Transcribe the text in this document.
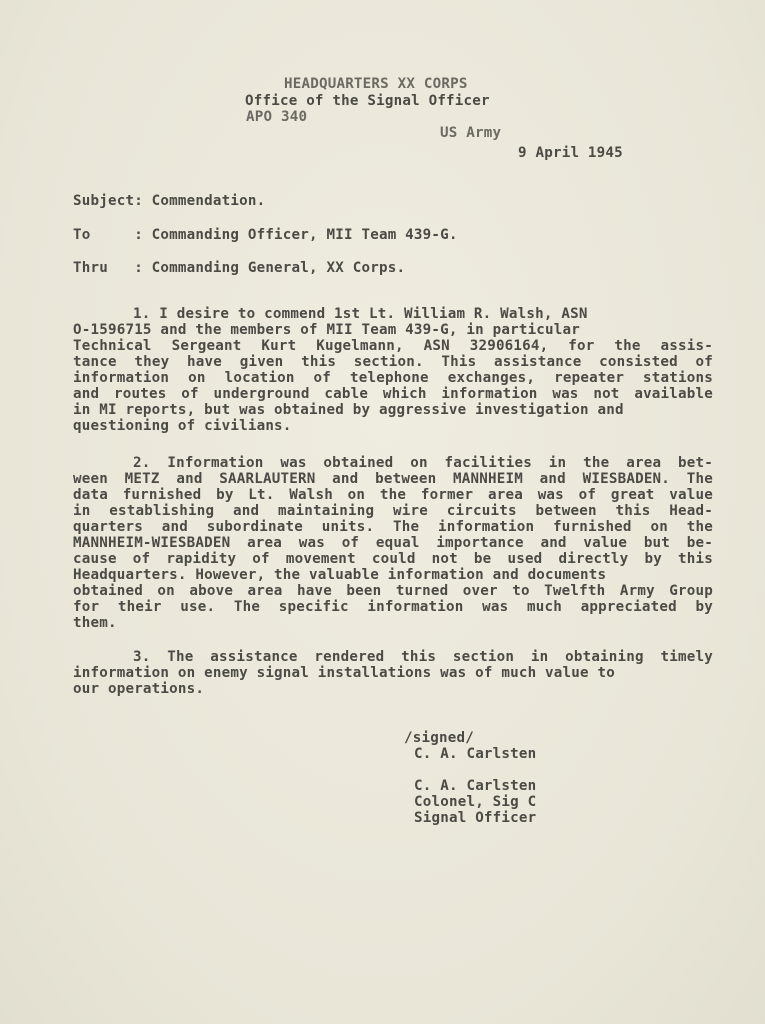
HEADQUARTERS XX CORPS

Office of the Signal Officer

APO 340

US Army

9 April 1945
Subject: Commendation.
To     : Commanding Officer, MII Team 439-G.
Thru   : Commanding General, XX Corps.
1. I desire to commend 1st Lt. William R. Walsh, ASN
O-1596715 and the members of MII Team 439-G, in particular
Technical Sergeant Kurt Kugelmann, ASN 32906164, for the assis-
tance they have given this section. This assistance consisted of
information on location of telephone exchanges, repeater stations
and routes of underground cable which information was not available
in MI reports, but was obtained by aggressive investigation and
questioning of civilians.
2. Information was obtained on facilities in the area bet-
ween METZ and SAARLAUTERN and between MANNHEIM and WIESBADEN. The
data furnished by Lt. Walsh on the former area was of great value
in establishing and maintaining wire circuits between this Head-
quarters and subordinate units. The information furnished on the
MANNHEIM-WIESBADEN area was of equal importance and value but be-
cause of rapidity of movement could not be used directly by this
Headquarters. However, the valuable information and documents
obtained on above area have been turned over to Twelfth Army Group
for their use. The specific information was much appreciated by
them.
3. The assistance rendered this section in obtaining timely
information on enemy signal installations was of much value to
our operations.
/signed/
C. A. Carlsten
C. A. Carlsten
Colonel, Sig C
Signal Officer
